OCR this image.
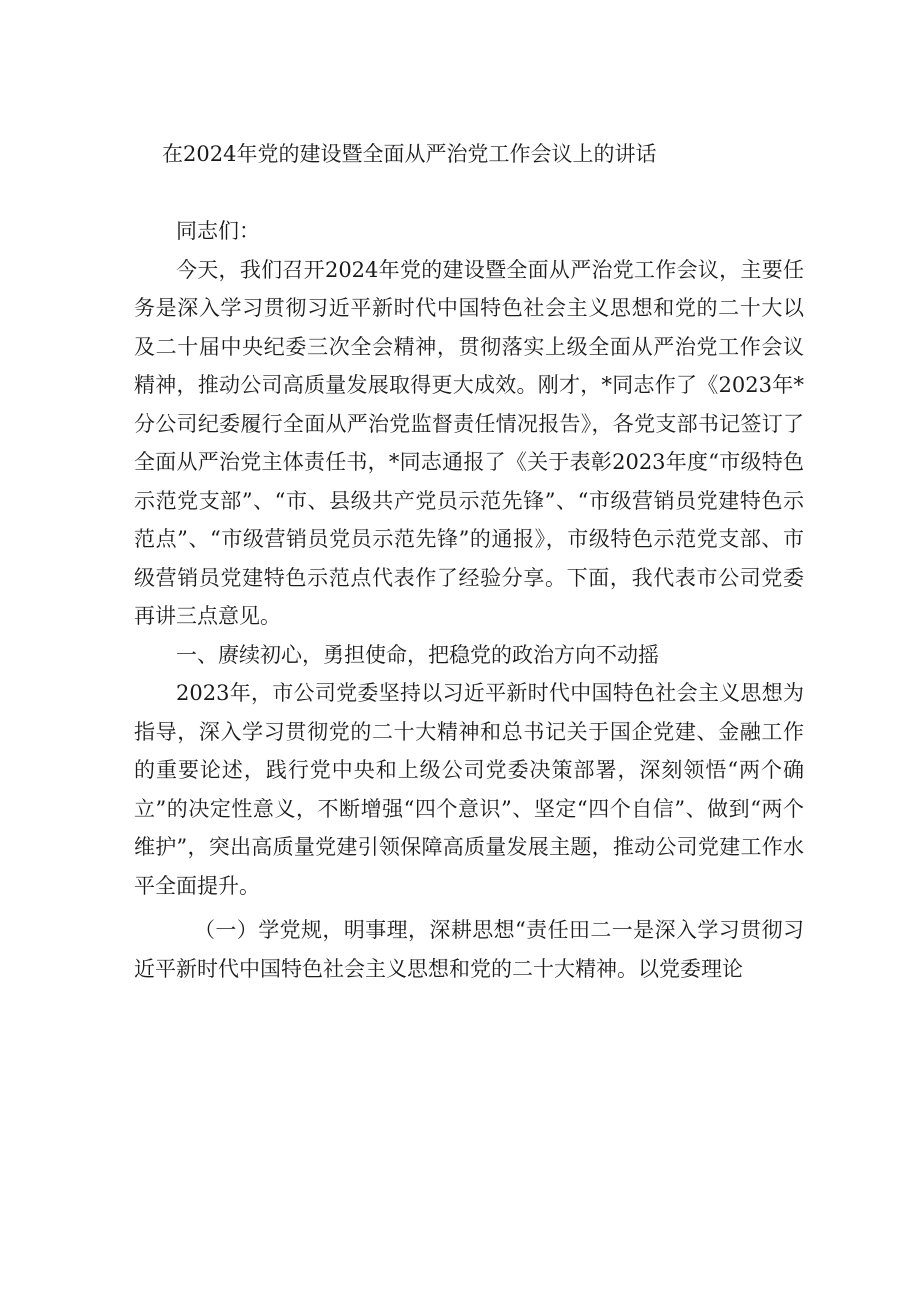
在2024年党的建设暨全面从严治党工作会议上的讲话

同志们：

今天，我们召开2024年党的建设暨全面从严治党工作会议，主要任务是深入学习贯彻习近平新时代中国特色社会主义思想和党的二十大以及二十届中央纪委三次全会精神，贯彻落实上级全面从严治党工作会议精神，推动公司高质量发展取得更大成效。刚才，*同志作了《2023年*分公司纪委履行全面从严治党监督责任情况报告》，各党支部书记签订了全面从严治党主体责任书，*同志通报了《关于表彰2023年度“市级特色示范党支部”、“市、县级共产党员示范先锋”、“市级营销员党建特色示范点”、“市级营销员党员示范先锋”的通报》，市级特色示范党支部、市级营销员党建特色示范点代表作了经验分享。下面，我代表市公司党委再讲三点意见。

一、赓续初心，勇担使命，把稳党的政治方向不动摇

2023年，市公司党委坚持以习近平新时代中国特色社会主义思想为指导，深入学习贯彻党的二十大精神和总书记关于国企党建、金融工作的重要论述，践行党中央和上级公司党委决策部署，深刻领悟“两个确立”的决定性意义，不断增强“四个意识”、坚定“四个自信”、做到“两个维护”，突出高质量党建引领保障高质量发展主题，推动公司党建工作水平全面提升。

（一）学党规，明事理，深耕思想“责任田二一是深入学习贯彻习近平新时代中国特色社会主义思想和党的二十大精神。以党委理论
